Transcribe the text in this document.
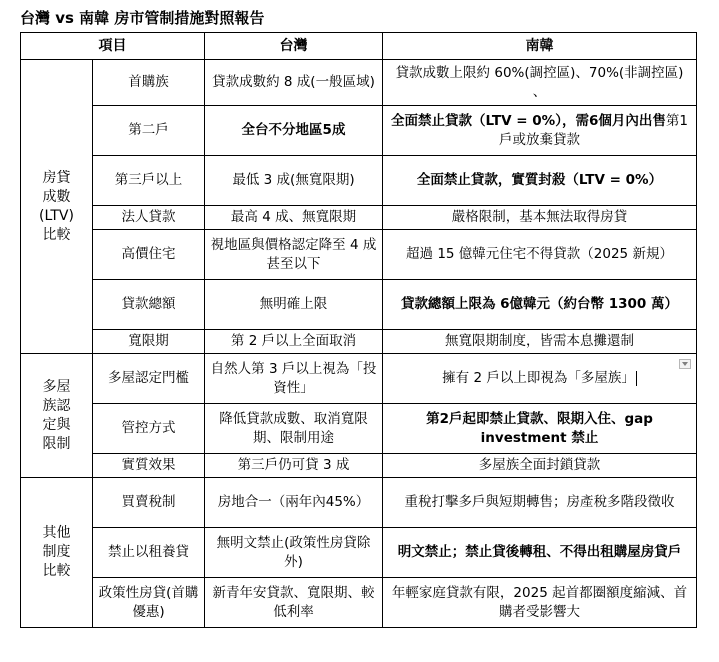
台灣 vs 南韓 房市管制措施對照報告
項目		台灣	南韓
房貸
成數
(LTV)
比較	首購族	貸款成數約 8 成(一般區域)	貸款成數上限約 60%(調控區)、70%(非調控區) 、
	第二戶	全台不分地區5成	全面禁止貸款（LTV = 0%），需6個月內出售第1戶或放棄貸款
	第三戶以上	最低 3 成(無寬限期)	全面禁止貸款，實質封殺（LTV = 0%）
	法人貸款	最高 4 成、無寬限期	嚴格限制，基本無法取得房貸
	高價住宅	視地區與價格認定降至 4 成甚至以下	超過 15 億韓元住宅不得貸款（2025 新規）
	貸款總額	無明確上限	貸款總額上限為 6億韓元（約台幣 1300 萬）
	寬限期	第 2 戶以上全面取消	無寬限期制度，皆需本息攤還制
多屋
族認
定與
限制	多屋認定門檻	自然人第 3 戶以上視為「投資性」	擁有 2 戶以上即視為「多屋族」

	管控方式	降低貸款成數、取消寬限期、限制用途	第2戶起即禁止貸款、限期入住、gap investment 禁止
	實質效果	第三戶仍可貸 3 成	多屋族全面封鎖貸款
其他
制度
比較	買賣稅制	房地合一（兩年內45%）	重稅打擊多戶與短期轉售；房產稅多階段徵收
	禁止以租養貸	無明文禁止(政策性房貸除外)	明文禁止；禁止貸後轉租、不得出租購屋房貸戶
	政策性房貸(首購優惠)	新青年安貸款、寬限期、較低利率	年輕家庭貸款有限，2025 起首都圈額度縮減、首購者受影響大
